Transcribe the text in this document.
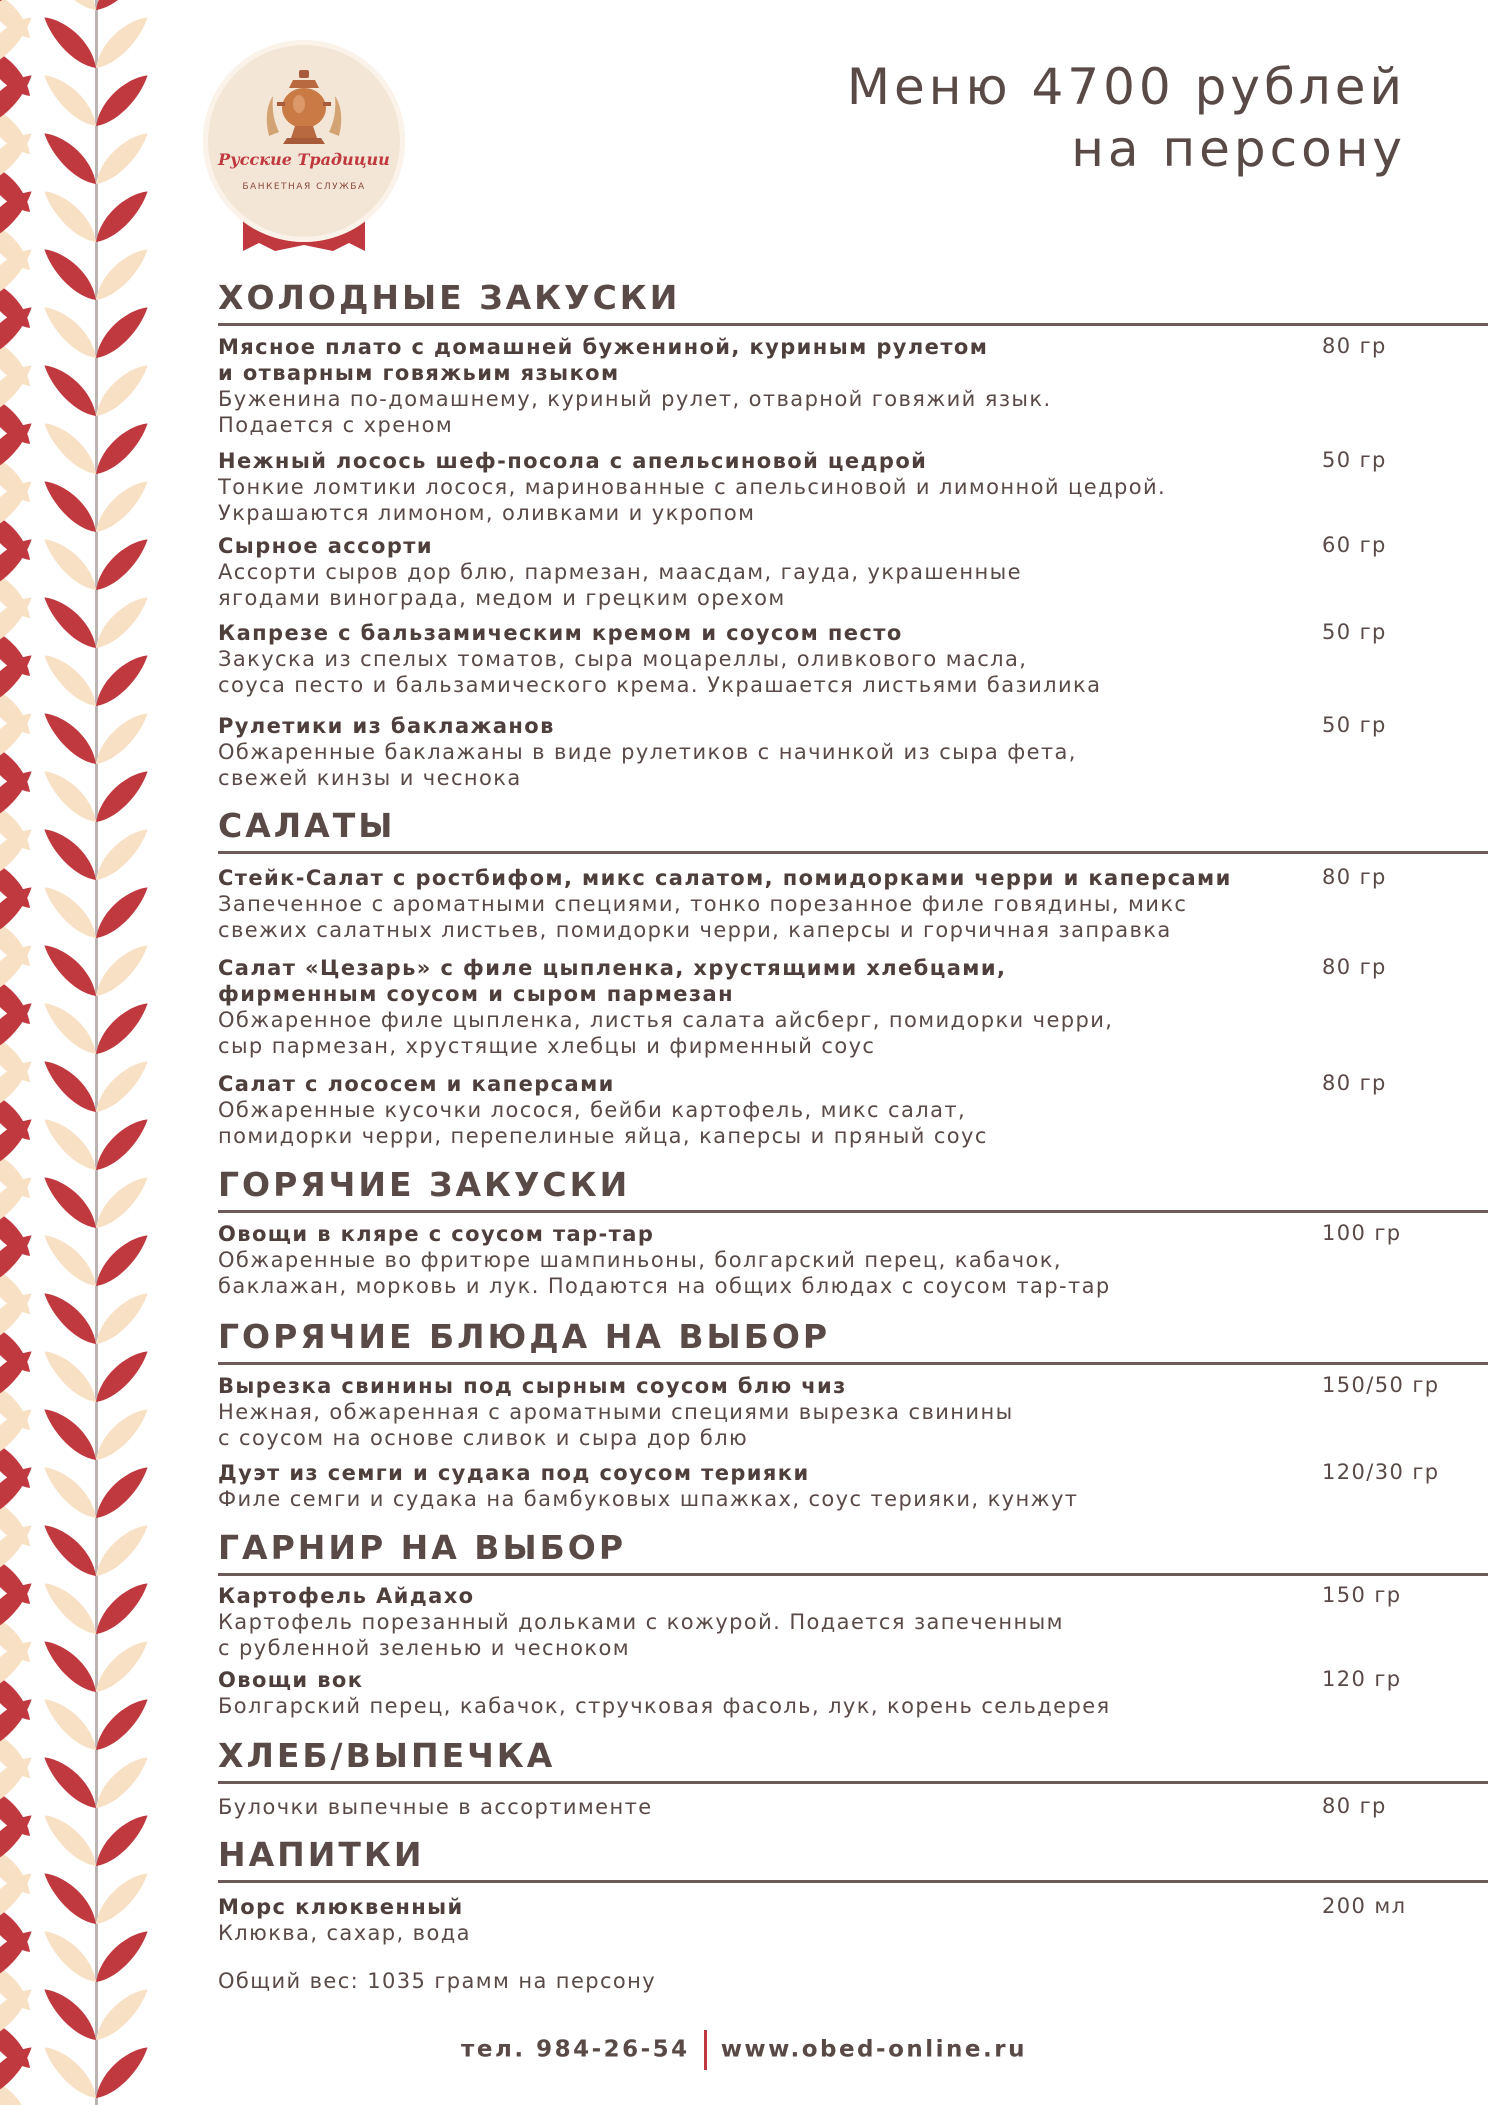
Русские Традиции
БАНКЕТНАЯ СЛУЖБА
Меню 4700 рублей
на персону
ХОЛОДНЫЕ ЗАКУСКИ
Мясное плато с домашней бужениной, куриным рулетом
и отварным говяжьим языком
Буженина по-домашнему, куриный рулет, отварной говяжий язык.
Подается с хреном
80 гр
Нежный лосось шеф-посола с апельсиновой цедрой
Тонкие ломтики лосося, маринованные с апельсиновой и лимонной цедрой.
Украшаются лимоном, оливками и укропом
50 гр
Сырное ассорти
Ассорти сыров дор блю, пармезан, маасдам, гауда, украшенные
ягодами винограда, медом и грецким орехом
60 гр
Капрезе с бальзамическим кремом и соусом песто
Закуска из спелых томатов, сыра моцареллы, оливкового масла,
соуса песто и бальзамического крема. Украшается листьями базилика
50 гр
Рулетики из баклажанов
Обжаренные баклажаны в виде рулетиков с начинкой из сыра фета,
свежей кинзы и чеснока
50 гр
САЛАТЫ
Стейк-Салат с ростбифом, микс салатом, помидорками черри и каперсами
Запеченное с ароматными специями, тонко порезанное филе говядины, микс
свежих салатных листьев, помидорки черри, каперсы и горчичная заправка
80 гр
Салат «Цезарь» с филе цыпленка, хрустящими хлебцами,
фирменным соусом и сыром пармезан
Обжаренное филе цыпленка, листья салата айсберг, помидорки черри,
сыр пармезан, хрустящие хлебцы и фирменный соус
80 гр
Салат с лососем и каперсами
Обжаренные кусочки лосося, бейби картофель, микс салат,
помидорки черри, перепелиные яйца, каперсы и пряный соус
80 гр
ГОРЯЧИЕ ЗАКУСКИ
Овощи в кляре с соусом тар-тар
Обжаренные во фритюре шампиньоны, болгарский перец, кабачок,
баклажан, морковь и лук. Подаются на общих блюдах с соусом тар-тар
100 гр
ГОРЯЧИЕ БЛЮДА НА ВЫБОР
Вырезка свинины под сырным соусом блю чиз
Нежная, обжаренная с ароматными специями вырезка свинины
с соусом на основе сливок и сыра дор блю
150/50 гр
Дуэт из семги и судака под соусом терияки
Филе семги и судака на бамбуковых шпажках, соус терияки, кунжут
120/30 гр
ГАРНИР НА ВЫБОР
Картофель Айдахо
Картофель порезанный дольками с кожурой. Подается запеченным
с рубленной зеленью и чесноком
150 гр
Овощи вок
Болгарский перец, кабачок, стручковая фасоль, лук, корень сельдерея
120 гр
ХЛЕБ/ВЫПЕЧКА
Булочки выпечные в ассортименте	80 гр
НАПИТКИ
Морс клюквенный
Клюква, сахар, вода
200 мл
Общий вес: 1035 грамм на персону
тел. 984-26-54 www.obed-online.ru
